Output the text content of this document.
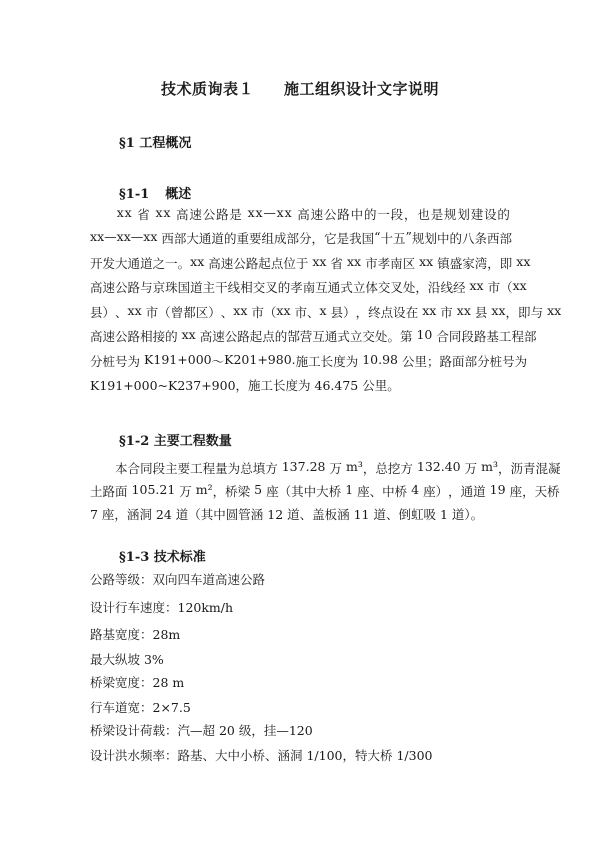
技术质询表１ 施工组织设计文字说明
§1 工程概况
§1-1 概述

x x
省
x x
高 速 公 路 是
x x — x x
高 速 公 路 中 的 一 段 ， 也 是 规 划 建 设 的
x x — x x — x x
西 部 大 通 道 的 重 要 组 成 部 分 ， 它 是 我 国 “ 十 五 ” 规 划 中 的 八 条 西 部
开 发 大 通 道 之 一 。 x x
高 速 公 路 起 点 位 于
x x
省
x x
市 孝 南 区
x x
镇 盛 家 湾 ， 即
x x
高 速 公 路 与 京 珠 国 道 主 干 线 相 交 叉 的 孝 南 互 通 式 立 体 交 叉 处 ， 沿 线 经
x x
市 （ x x
县 ） 、 x x
市 （ 曾 都 区 ） 、 x x
市 （ x x
市 、 x
县 ） ， 终 点 设 在
x x
市
x x
县
x x ， 即 与
x x
高 速 公 路 相 接 的
x x
高 速 公 路 起 点 的 郜 营 互 通 式 立 交 处 。 第
1 0
合 同 段 路 基 工 程 部
分 桩 号 为
K 1 9 1 + 0 0 0 ～ K 2 0 1 + 9 8 0 . 施 工 长 度 为
1 0 . 9 8
公 里 ； 路 面 部 分 桩 号 为
K191+000~K237+900，施工长度为 46.475 公里。
§1-2 主要工程数量

本 合 同 段 主 要 工 程 量 为 总 填 方
1 3 7 . 2 8
万
m ³ ， 总 挖 方
1 3 2 . 4 0
万
m ³ ， 沥 青 混 凝
土 路 面
1 0 5 . 2 1
万
m ² ， 桥 梁
5
座 （ 其 中 大 桥
1
座 、 中 桥
4
座 ） ， 通 道
1 9
座 ， 天 桥
7 座，涵洞 24 道（其中圆管涵 12 道、盖板涵 11 道、倒虹吸 1 道）。
§1-3 技术标准
公路等级：双向四车道高速公路
设计行车速度：120km/h
路基宽度：28m
最大纵坡 3%
桥梁宽度：28 m
行车道宽：2×7.5
桥梁设计荷载：汽—超 20 级，挂—120
设计洪水频率：路基、大中小桥、涵洞 1/100，特大桥 1/300
